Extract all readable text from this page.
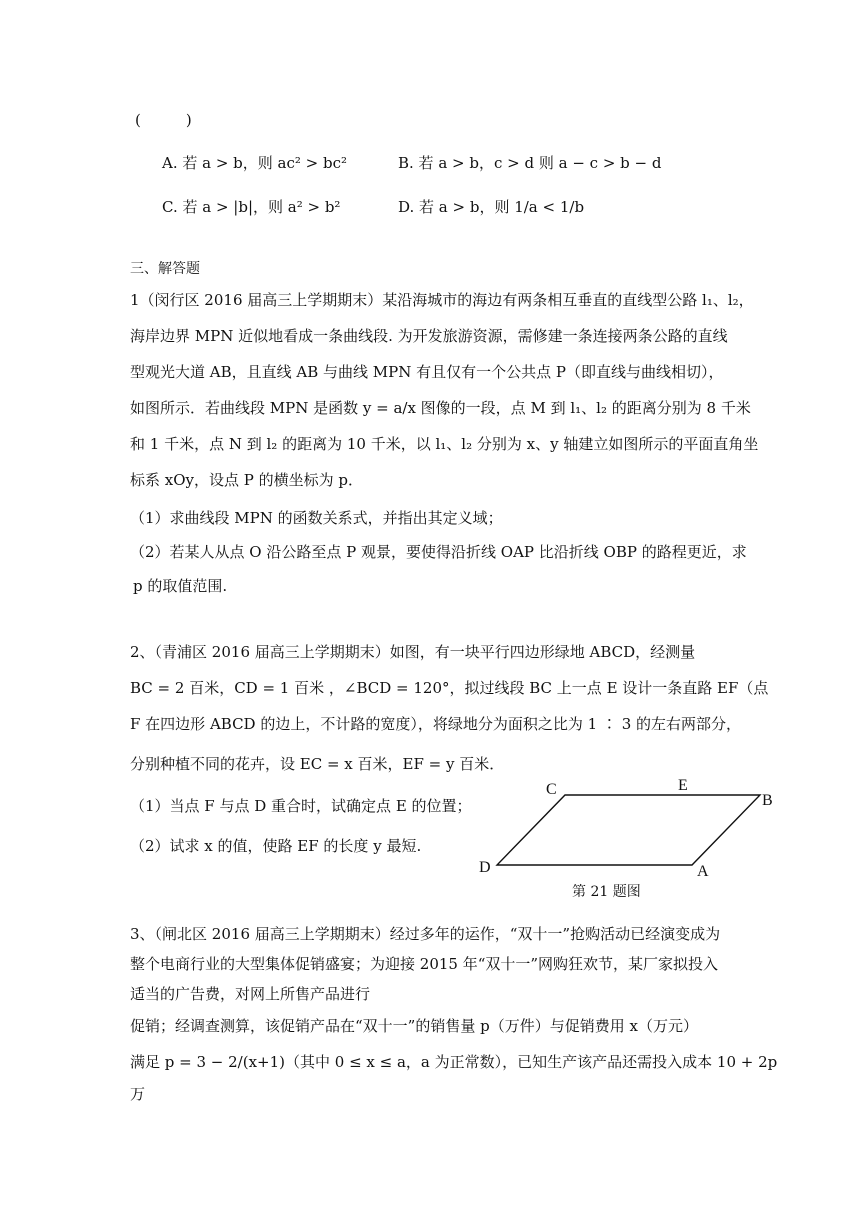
(　　　)
A. 若 a > b，则 ac² > bc²	B. 若 a > b，c > d 则 a − c > b − d
C. 若 a > |b|，则 a² > b²	D. 若 a > b，则 1/a < 1/b
三、解答题
1（闵行区 2016 届高三上学期期末）某沿海城市的海边有两条相互垂直的直线型公路 l₁、l₂，
海岸边界 MPN 近似地看成一条曲线段. 为开发旅游资源，需修建一条连接两条公路的直线
型观光大道 AB，且直线 AB 与曲线 MPN 有且仅有一个公共点 P（即直线与曲线相切），
如图所示．若曲线段 MPN 是函数 y = a/x 图像的一段，点 M 到 l₁、l₂ 的距离分别为 8 千米
和 1 千米，点 N 到 l₂ 的距离为 10 千米，以 l₁、l₂ 分别为 x、y 轴建立如图所示的平面直角坐
标系 xOy，设点 P 的横坐标为 p．
（1）求曲线段 MPN 的函数关系式，并指出其定义域；
（2）若某人从点 O 沿公路至点 P 观景，要使得沿折线 OAP 比沿折线 OBP 的路程更近，求
p 的取值范围.
2、（青浦区 2016 届高三上学期期末）如图，有一块平行四边形绿地 ABCD，经测量
BC = 2 百米，CD = 1 百米 ，∠BCD = 120°，拟过线段 BC 上一点 E 设计一条直路 EF（点
F 在四边形 ABCD 的边上，不计路的宽度），将绿地分为面积之比为 1 ∶ 3 的左右两部分，
分别种植不同的花卉，设 EC = x 百米，EF = y 百米．
（1）当点 F 与点 D 重合时，试确定点 E 的位置；
（2）试求 x 的值，使路 EF 的长度 y 最短.
C	E
B
D	A
第 21 题图
3、（闸北区 2016 届高三上学期期末）经过多年的运作，“双十一”抢购活动已经演变成为
整个电商行业的大型集体促销盛宴；为迎接 2015 年“双十一”网购狂欢节，某厂家拟投入
适当的广告费，对网上所售产品进行
促销；经调查测算，该促销产品在“双十一”的销售量 p（万件）与促销费用 x（万元）
满足 p = 3 − 2/(x+1)（其中 0 ≤ x ≤ a，a 为正常数），已知生产该产品还需投入成本 10 + 2p
万
